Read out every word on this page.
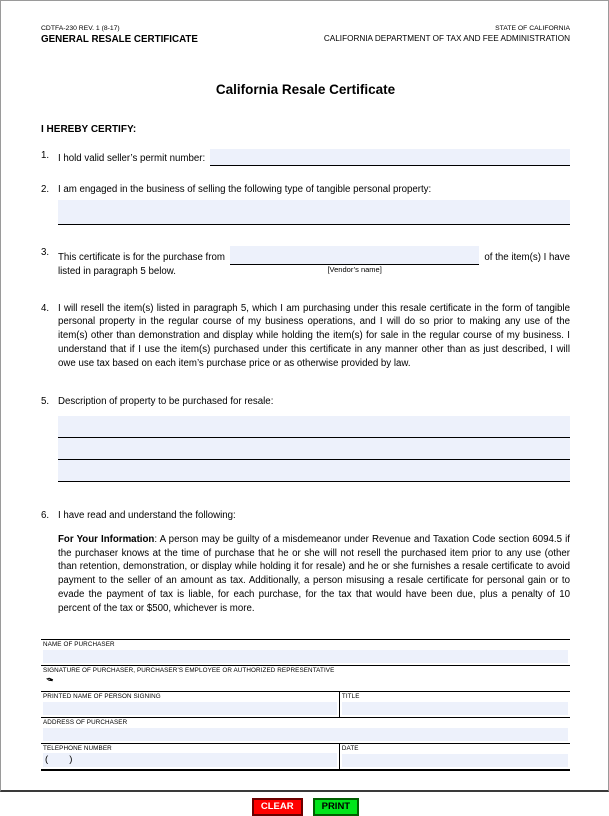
CDTFA-230 REV. 1 (8-17)
GENERAL RESALE CERTIFICATE
STATE OF CALIFORNIA
CALIFORNIA DEPARTMENT OF TAX AND FEE ADMINISTRATION
California Resale Certificate
I HEREBY CERTIFY:
1. I hold valid seller’s permit number:
2. I am engaged in the business of selling the following type of tangible personal property:
3. This certificate is for the purchase from
[Vendor’s name]
of the item(s) I have
listed in paragraph 5 below.
4. I will resell the item(s) listed in paragraph 5, which I am purchasing under this resale certificate in the form of tangible personal property in the regular course of my business operations, and I will do so prior to making any use of the item(s) other than demonstration and display while holding the item(s) for sale in the regular course of my business. I understand that if I use the item(s) purchased under this certificate in any manner other than as just described, I will owe use tax based on each item’s purchase price or as otherwise provided by law.
5. Description of property to be purchased for resale:
6. I have read and understand the following:
For Your Information: A person may be guilty of a misdemeanor under Revenue and Taxation Code section 6094.5 if the purchaser knows at the time of purchase that he or she will not resell the purchased item prior to any use (other than retention, demonstration, or display while holding it for resale) and he or she furnishes a resale certificate to avoid payment to the seller of an amount as tax. Additionally, a person misusing a resale certificate for personal gain or to evade the payment of tax is liable, for each purchase, for the tax that would have been due, plus a penalty of 10 percent of the tax or $500, whichever is more.
NAME OF PURCHASER
SIGNATURE OF PURCHASER, PURCHASER’S EMPLOYEE OR AUTHORIZED REPRESENTATIVE
✒
PRINTED NAME OF PERSON SIGNING	TITLE
ADDRESS OF PURCHASER
TELEPHONE NUMBER
(        )
DATE
CLEAR	PRINT
